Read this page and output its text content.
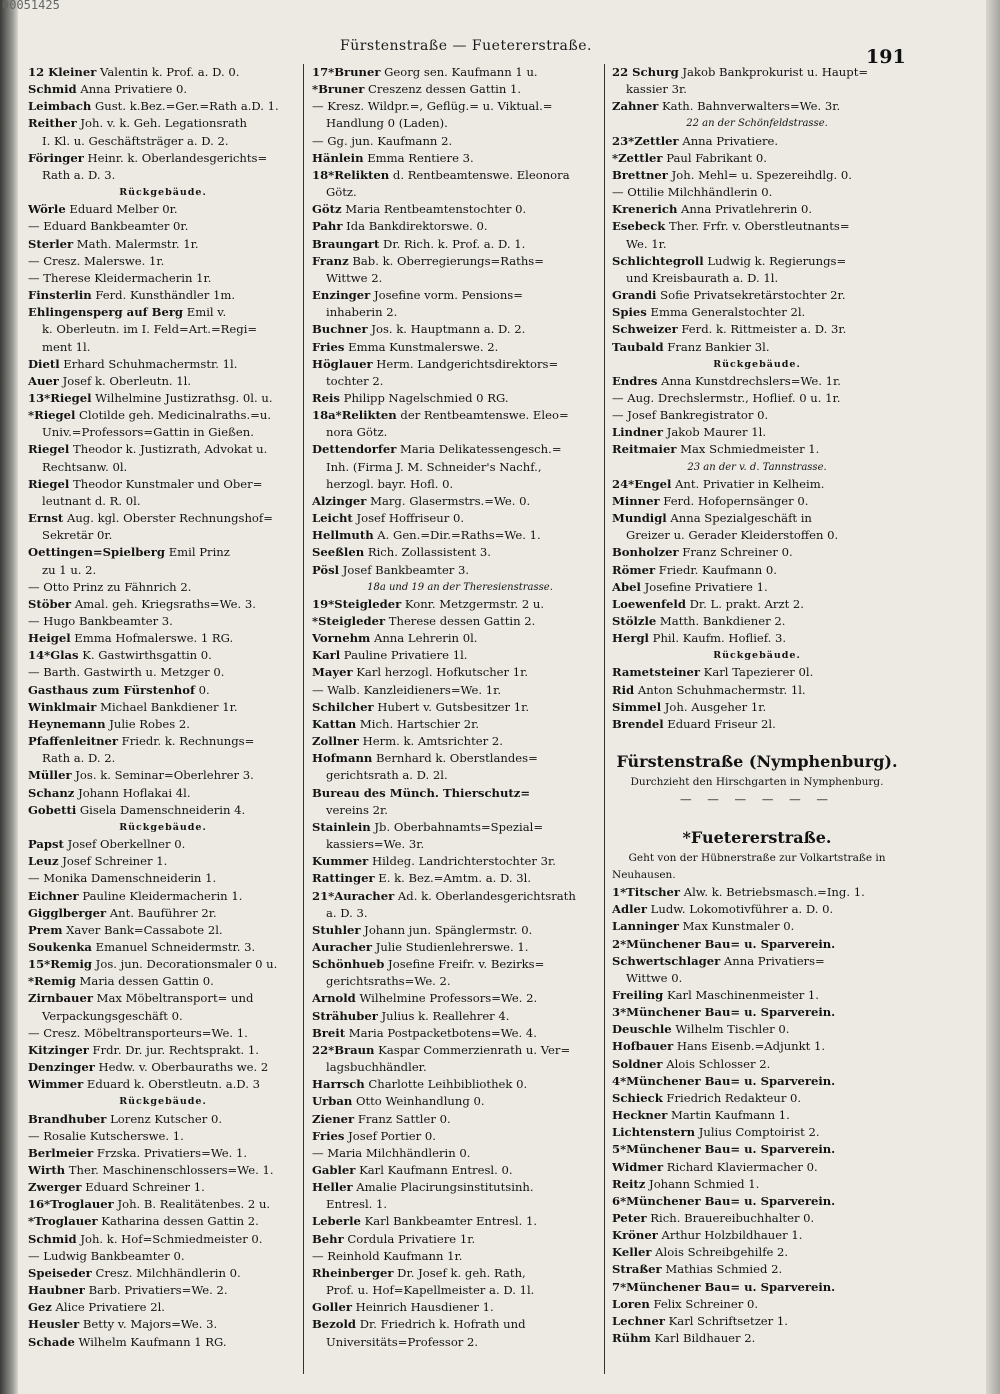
00051425
Fürstenstraße — Fuetererstraße.	191
12 Kleiner Valentin k. Prof. a. D. 0.
Schmid Anna Privatiere 0.
Leimbach Gust. k.Bez.=Ger.=Rath a.D. 1.
Reither Joh. v. k. Geh. Legationsrath
I. Kl. u. Geschäftsträger a. D. 2.
Föringer Heinr. k. Oberlandesgerichts=
Rath a. D. 3.
Rückgebäude.
Wörle Eduard Melber 0r.
— Eduard Bankbeamter 0r.
Sterler Math. Malermstr. 1r.
— Cresz. Malerswe. 1r.
— Therese Kleidermacherin 1r.
Finsterlin Ferd. Kunsthändler 1m.
Ehlingensperg auf Berg Emil v.
k. Oberleutn. im I. Feld=Art.=Regi=
ment 1l.
Dietl Erhard Schuhmachermstr. 1l.
Auer Josef k. Oberleutn. 1l.
13*Riegel Wilhelmine Justizrathsg. 0l. u.
*Riegel Clotilde geh. Medicinalraths.=u.
Univ.=Professors=Gattin in Gießen.
Riegel Theodor k. Justizrath, Advokat u.
Rechtsanw. 0l.
Riegel Theodor Kunstmaler und Ober=
leutnant d. R. 0l.
Ernst Aug. kgl. Oberster Rechnungshof=
Sekretär 0r.
Oettingen=Spielberg Emil Prinz
zu 1 u. 2.
— Otto Prinz zu Fähnrich 2.
Stöber Amal. geh. Kriegsraths=We. 3.
— Hugo Bankbeamter 3.
Heigel Emma Hofmalerswe. 1 RG.
14*Glas K. Gastwirthsgattin 0.
— Barth. Gastwirth u. Metzger 0.
Gasthaus zum Fürstenhof 0.
Winklmair Michael Bankdiener 1r.
Heynemann Julie Robes 2.
Pfaffenleitner Friedr. k. Rechnungs=
Rath a. D. 2.
Müller Jos. k. Seminar=Oberlehrer 3.
Schanz Johann Hoflakai 4l.
Gobetti Gisela Damenschneiderin 4.
Rückgebäude.
Papst Josef Oberkellner 0.
Leuz Josef Schreiner 1.
— Monika Damenschneiderin 1.
Eichner Pauline Kleidermacherin 1.
Gigglberger Ant. Bauführer 2r.
Prem Xaver Bank=Cassabote 2l.
Soukenka Emanuel Schneidermstr. 3.
15*Remig Jos. jun. Decorationsmaler 0 u.
*Remig Maria dessen Gattin 0.
Zirnbauer Max Möbeltransport= und
Verpackungsgeschäft 0.
— Cresz. Möbeltransporteurs=We. 1.
Kitzinger Frdr. Dr. jur. Rechtsprakt. 1.
Denzinger Hedw. v. Oberbauraths we. 2
Wimmer Eduard k. Oberstleutn. a.D. 3
Rückgebäude.
Brandhuber Lorenz Kutscher 0.
— Rosalie Kutscherswe. 1.
Berlmeier Frzska. Privatiers=We. 1.
Wirth Ther. Maschinenschlossers=We. 1.
Zwerger Eduard Schreiner 1.
16*Troglauer Joh. B. Realitätenbes. 2 u.
*Troglauer Katharina dessen Gattin 2.
Schmid Joh. k. Hof=Schmiedmeister 0.
— Ludwig Bankbeamter 0.
Speiseder Cresz. Milchhändlerin 0.
Haubner Barb. Privatiers=We. 2.
Gez Alice Privatiere 2l.
Heusler Betty v. Majors=We. 3.
Schade Wilhelm Kaufmann 1 RG.
17*Bruner Georg sen. Kaufmann 1 u.
*Bruner Creszenz dessen Gattin 1.
— Kresz. Wildpr.=, Geflüg.= u. Viktual.=
Handlung 0 (Laden).
— Gg. jun. Kaufmann 2.
Hänlein Emma Rentiere 3.
18*Relikten d. Rentbeamtenswe. Eleonora
Götz.
Götz Maria Rentbeamtenstochter 0.
Pahr Ida Bankdirektorswe. 0.
Braungart Dr. Rich. k. Prof. a. D. 1.
Franz Bab. k. Oberregierungs=Raths=
Wittwe 2.
Enzinger Josefine vorm. Pensions=
inhaberin 2.
Buchner Jos. k. Hauptmann a. D. 2.
Fries Emma Kunstmalerswe. 2.
Höglauer Herm. Landgerichtsdirektors=
tochter 2.
Reis Philipp Nagelschmied 0 RG.
18a*Relikten der Rentbeamtenswe. Eleo=
nora Götz.
Dettendorfer Maria Delikatessengesch.=
Inh. (Firma J. M. Schneider's Nachf.,
herzogl. bayr. Hofl. 0.
Alzinger Marg. Glasermstrs.=We. 0.
Leicht Josef Hoffriseur 0.
Hellmuth A. Gen.=Dir.=Raths=We. 1.
Seeßlen Rich. Zollassistent 3.
Pösl Josef Bankbeamter 3.
18a und 19 an der Theresienstrasse.
19*Steigleder Konr. Metzgermstr. 2 u.
*Steigleder Therese dessen Gattin 2.
Vornehm Anna Lehrerin 0l.
Karl Pauline Privatiere 1l.
Mayer Karl herzogl. Hofkutscher 1r.
— Walb. Kanzleidieners=We. 1r.
Schilcher Hubert v. Gutsbesitzer 1r.
Kattan Mich. Hartschier 2r.
Zollner Herm. k. Amtsrichter 2.
Hofmann Bernhard k. Oberstlandes=
gerichtsrath a. D. 2l.
Bureau des Münch. Thierschutz=
vereins 2r.
Stainlein Jb. Oberbahnamts=Spezial=
kassiers=We. 3r.
Kummer Hildeg. Landrichterstochter 3r.
Rattinger E. k. Bez.=Amtm. a. D. 3l.
21*Auracher Ad. k. Oberlandesgerichtsrath
a. D. 3.
Stuhler Johann jun. Spänglermstr. 0.
Auracher Julie Studienlehrerswe. 1.
Schönhueb Josefine Freifr. v. Bezirks=
gerichtsraths=We. 2.
Arnold Wilhelmine Professors=We. 2.
Strähuber Julius k. Reallehrer 4.
Breit Maria Postpacketbotens=We. 4.
22*Braun Kaspar Commerzienrath u. Ver=
lagsbuchhändler.
Harrsch Charlotte Leihbibliothek 0.
Urban Otto Weinhandlung 0.
Ziener Franz Sattler 0.
Fries Josef Portier 0.
— Maria Milchhändlerin 0.
Gabler Karl Kaufmann Entresl. 0.
Heller Amalie Placirungsinstitutsinh.
Entresl. 1.
Leberle Karl Bankbeamter Entresl. 1.
Behr Cordula Privatiere 1r.
— Reinhold Kaufmann 1r.
Rheinberger Dr. Josef k. geh. Rath,
Prof. u. Hof=Kapellmeister a. D. 1l.
Goller Heinrich Hausdiener 1.
Bezold Dr. Friedrich k. Hofrath und
Universitäts=Professor 2.
22 Schurg Jakob Bankprokurist u. Haupt=
kassier 3r.
Zahner Kath. Bahnverwalters=We. 3r.
22 an der Schönfeldstrasse.
23*Zettler Anna Privatiere.
*Zettler Paul Fabrikant 0.
Brettner Joh. Mehl= u. Spezereihdlg. 0.
— Ottilie Milchhändlerin 0.
Krenerich Anna Privatlehrerin 0.
Esebeck Ther. Frfr. v. Oberstleutnants=
We. 1r.
Schlichtegroll Ludwig k. Regierungs=
und Kreisbaurath a. D. 1l.
Grandi Sofie Privatsekretärstochter 2r.
Spies Emma Generalstochter 2l.
Schweizer Ferd. k. Rittmeister a. D. 3r.
Taubald Franz Bankier 3l.
Rückgebäude.
Endres Anna Kunstdrechslers=We. 1r.
— Aug. Drechslermstr., Hoflief. 0 u. 1r.
— Josef Bankregistrator 0.
Lindner Jakob Maurer 1l.
Reitmaier Max Schmiedmeister 1.
23 an der v. d. Tannstrasse.
24*Engel Ant. Privatier in Kelheim.
Minner Ferd. Hofopernsänger 0.
Mundigl Anna Spezialgeschäft in
Greizer u. Gerader Kleiderstoffen 0.
Bonholzer Franz Schreiner 0.
Römer Friedr. Kaufmann 0.
Abel Josefine Privatiere 1.
Loewenfeld Dr. L. prakt. Arzt 2.
Stölzle Matth. Bankdiener 2.
Hergl Phil. Kaufm. Hoflief. 3.
Rückgebäude.
Rametsteiner Karl Tapezierer 0l.
Rid Anton Schuhmachermstr. 1l.
Simmel Joh. Ausgeher 1r.
Brendel Eduard Friseur 2l.

Fürstenstraße (Nymphenburg).
Durchzieht den Hirschgarten in Nymphenburg.
— — — — — —

*Fuetererstraße.
Geht von der Hübnerstraße zur Volkartstraße in
Neuhausen.
1*Titscher Alw. k. Betriebsmasch.=Ing. 1.
Adler Ludw. Lokomotivführer a. D. 0.
Lanninger Max Kunstmaler 0.
2*Münchener Bau= u. Sparverein.
Schwertschlager Anna Privatiers=
Wittwe 0.
Freiling Karl Maschinenmeister 1.
3*Münchener Bau= u. Sparverein.
Deuschle Wilhelm Tischler 0.
Hofbauer Hans Eisenb.=Adjunkt 1.
Soldner Alois Schlosser 2.
4*Münchener Bau= u. Sparverein.
Schieck Friedrich Redakteur 0.
Heckner Martin Kaufmann 1.
Lichtenstern Julius Comptoirist 2.
5*Münchener Bau= u. Sparverein.
Widmer Richard Klaviermacher 0.
Reitz Johann Schmied 1.
6*Münchener Bau= u. Sparverein.
Peter Rich. Brauereibuchhalter 0.
Kröner Arthur Holzbildhauer 1.
Keller Alois Schreibgehilfe 2.
Straßer Mathias Schmied 2.
7*Münchener Bau= u. Sparverein.
Loren Felix Schreiner 0.
Lechner Karl Schriftsetzer 1.
Rühm Karl Bildhauer 2.
